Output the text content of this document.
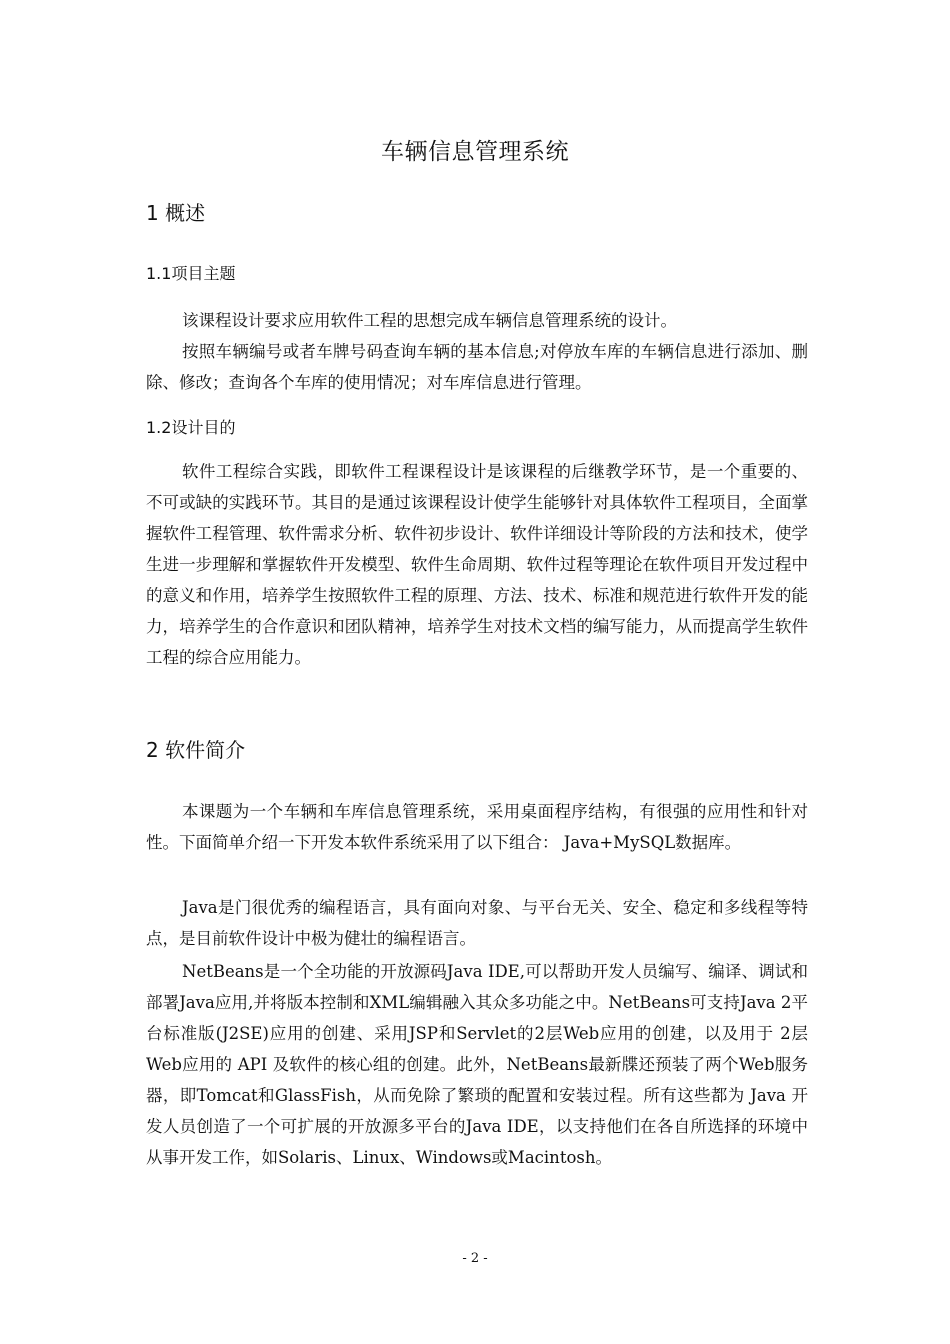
车辆信息管理系统
1 概述
1.1项目主题

该课程设计要求应用软件工程的思想完成车辆信息管理系统的设计。

按照车辆编号或者车牌号码查询车辆的基本信息;对停放车库的车辆信息进行添加、删除、修改；查询各个车库的使用情况；对车库信息进行管理。

1.2设计目的

软件工程综合实践，即软件工程课程设计是该课程的后继教学环节，是一个重要的、不可或缺的实践环节。其目的是通过该课程设计使学生能够针对具体软件工程项目，全面掌握软件工程管理、软件需求分析、软件初步设计、软件详细设计等阶段的方法和技术，使学生进一步理解和掌握软件开发模型、软件生命周期、软件过程等理论在软件项目开发过程中的意义和作用，培养学生按照软件工程的原理、方法、技术、标准和规范进行软件开发的能力，培养学生的合作意识和团队精神，培养学生对技术文档的编写能力，从而提高学生软件工程的综合应用能力。

2 软件简介

本课题为一个车辆和车库信息管理系统，采用桌面程序结构，有很强的应用性和针对性。下面简单介绍一下开发本软件系统采用了以下组合： Java+MySQL数据库。

Java是门很优秀的编程语言，具有面向对象、与平台无关、安全、稳定和多线程等特点，是目前软件设计中极为健壮的编程语言。

NetBeans是一个全功能的开放源码Java IDE,可以帮助开发人员编写、编译、调试和部署Java应用,并将版本控制和XML编辑融入其众多功能之中。NetBeans可支持Java 2平台标准版(J2SE)应用的创建、采用JSP和Servlet的2层Web应用的创建，以及用于 2层Web应用的 API 及软件的核心组的创建。此外，NetBeans最新牒还预装了两个Web服务器，即Tomcat和GlassFish，从而免除了繁琐的配置和安装过程。所有这些都为 Java 开发人员创造了一个可扩展的开放源多平台的Java IDE，以支持他们在各自所选择的环境中从事开发工作，如Solaris、Linux、Windows或Macintosh。

- 2 -
